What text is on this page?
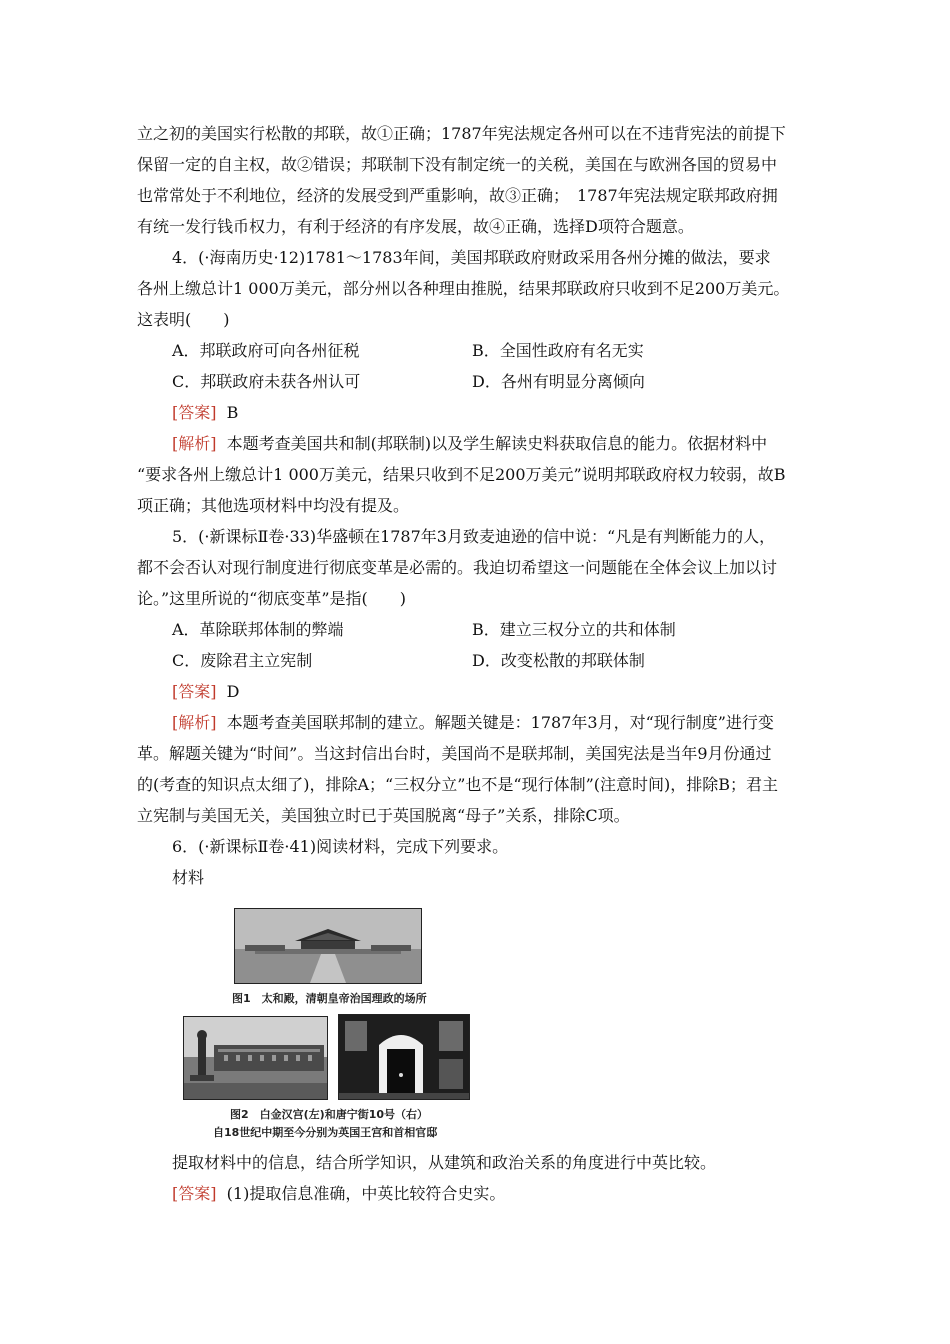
立之初的美国实行松散的邦联，故①正确；1787年宪法规定各州可以在不违背宪法的前提下
保留一定的自主权，故②错误；邦联制下没有制定统一的关税，美国在与欧洲各国的贸易中
也常常处于不利地位，经济的发展受到严重影响，故③正确；　1787年宪法规定联邦政府拥
有统一发行钱币权力，有利于经济的有序发展，故④正确，选择D项符合题意。
4．(·海南历史·12)1781～1783年间，美国邦联政府财政采用各州分摊的做法，要求
各州上缴总计1 000万美元，部分州以各种理由推脱，结果邦联政府只收到不足200万美元。
这表明(　　)
A．邦联政府可向各州征税	B．全国性政府有名无实
C．邦联政府未获各州认可	D．各州有明显分离倾向
[答案] B
[解析] 本题考查美国共和制(邦联制)以及学生解读史料获取信息的能力。依据材料中
“要求各州上缴总计1 000万美元，结果只收到不足200万美元”说明邦联政府权力较弱，故B
项正确；其他选项材料中均没有提及。
5．(·新课标Ⅱ卷·33)华盛顿在1787年3月致麦迪逊的信中说：“凡是有判断能力的人，
都不会否认对现行制度进行彻底变革是必需的。我迫切希望这一问题能在全体会议上加以讨
论。”这里所说的“彻底变革”是指(　　)
A．革除联邦体制的弊端	B．建立三权分立的共和体制
C．废除君主立宪制	D．改变松散的邦联体制
[答案] D
[解析] 本题考查美国联邦制的建立。解题关键是：1787年3月，对“现行制度”进行变
革。解题关键为“时间”。当这封信出台时，美国尚不是联邦制，美国宪法是当年9月份通过
的(考查的知识点太细了)，排除A；“三权分立”也不是“现行体制”(注意时间)，排除B；君主
立宪制与美国无关，美国独立时已于英国脱离“母子”关系，排除C项。
6．(·新课标Ⅱ卷·41)阅读材料，完成下列要求。
材料
图1　太和殿，清朝皇帝治国理政的场所
图2　白金汉宫(左)和唐宁街10号（右）
自18世纪中期至今分别为英国王宫和首相官邸
提取材料中的信息，结合所学知识，从建筑和政治关系的角度进行中英比较。
[答案] (1)提取信息准确，中英比较符合史实。
